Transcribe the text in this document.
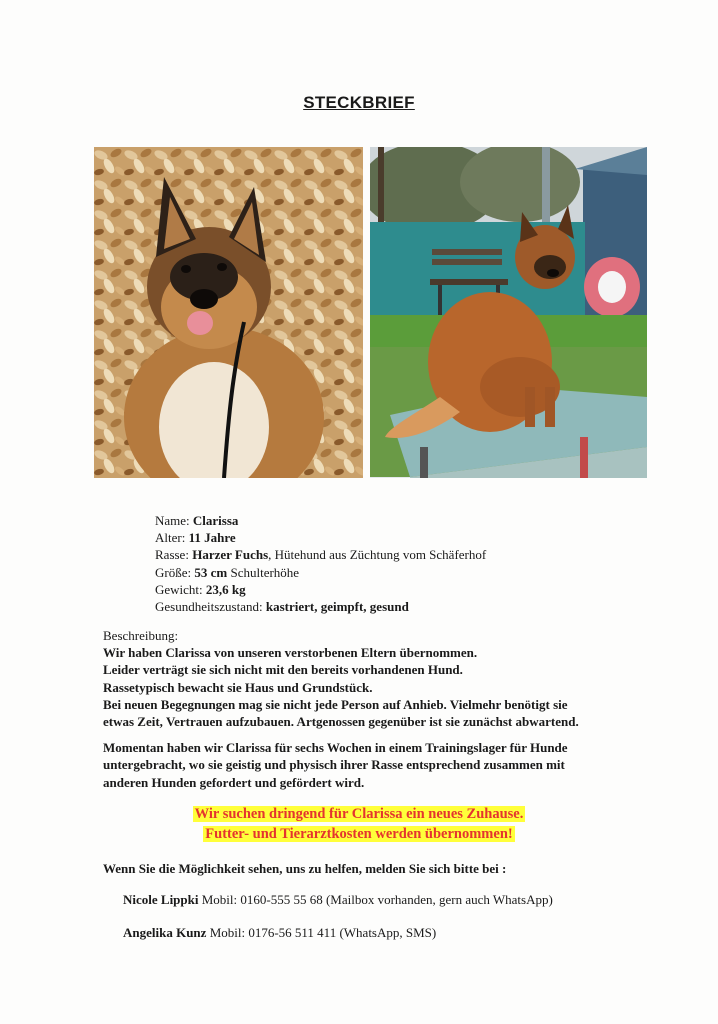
STECKBRIEF
Name: Clarissa
Alter: 11 Jahre
Rasse: Harzer Fuchs, Hütehund aus Züchtung vom Schäferhof
Größe: 53 cm Schulterhöhe
Gewicht: 23,6 kg
Gesundheitszustand: kastriert, geimpft, gesund
Beschreibung:

Wir haben Clarissa von unseren verstorbenen Eltern übernommen.

Leider verträgt sie sich nicht mit den bereits vorhandenen Hund.

Rassetypisch bewacht sie Haus und Grundstück.

Bei neuen Begegnungen mag sie nicht jede Person auf Anhieb. Vielmehr benötigt sie

etwas Zeit, Vertrauen aufzubauen. Artgenossen gegenüber ist sie zunächst abwartend.

Momentan haben wir Clarissa für sechs Wochen in einem Trainingslager für Hunde

untergebracht, wo sie geistig und physisch ihrer Rasse entsprechend zusammen mit

anderen Hunden gefordert und gefördert wird.

Wir suchen dringend für Clarissa ein neues Zuhause.
Futter- und Tierarztkosten werden übernommen!
Wenn Sie die Möglichkeit sehen, uns zu helfen, melden Sie sich bitte bei :
Nicole Lippki Mobil: 0160-555 55 68 (Mailbox vorhanden, gern auch WhatsApp)
Angelika Kunz Mobil: 0176-56 511 411 (WhatsApp, SMS)
